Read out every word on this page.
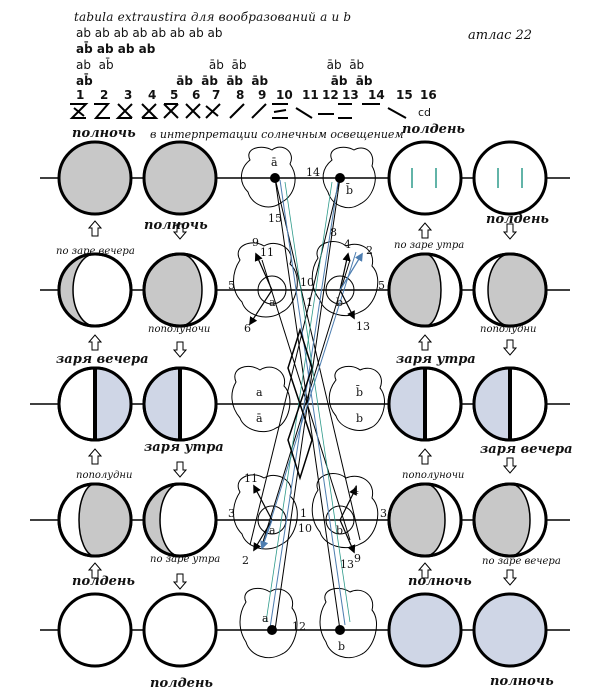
tabula extraustira для вообразований a и b
атлас 22
ab ab ab ab ab ab ab ab
ab̄ ab ab ab
ab  ab̄                         āb  āb                     āb  āb
ab̄                    āb  āb  āb  āb               āb  āb
1 2 3 4 5 6 7 8 9 10 11 12 13 14 15 16
cd
в интерпретации солнечным освещением
ā
b̄
a	b
a
ā
b̄
b
a	b
a
b
14
15
8
9
11
4 2
5	5
10
1
6	13
11
4
3	3
1
10
2	13 9
12
полночь	полдень
полночь	полдень
по заре вечера
по заре утра
пополуночи	пополудни
заря вечера	заря утра
заря утра	заря вечера
пополудни	пополуночи
полдень
по заре утра
полночь
по заре вечера
полдень	полночь
